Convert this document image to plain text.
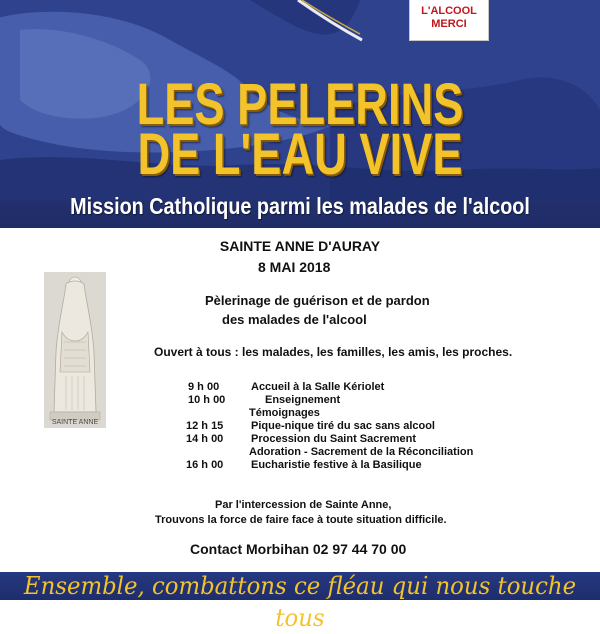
L'ALCOOL
MERCI
LES PELERINS
DE L'EAU VIVE
Mission Catholique parmi les malades de l'alcool
SAINTE ANNE
SAINTE ANNE D'AURAY
8 MAI 2018
Pèlerinage de guérison et de pardon
des malades de l'alcool
Ouvert à tous : les malades, les familles, les amis, les proches.
9 h 00	Accueil à la Salle Kériolet
10 h 00	Enseignement
Témoignages
12 h 15	Pique-nique tiré du sac sans alcool
14 h 00	Procession du Saint Sacrement
Adoration - Sacrement de la Réconciliation
16 h 00	Eucharistie festive à la Basilique
Par l'intercession de Sainte Anne,
Trouvons la force de faire face à toute situation difficile.
Contact Morbihan 02 97 44 70 00
Ensemble, combattons ce fléau qui nous touche tous
